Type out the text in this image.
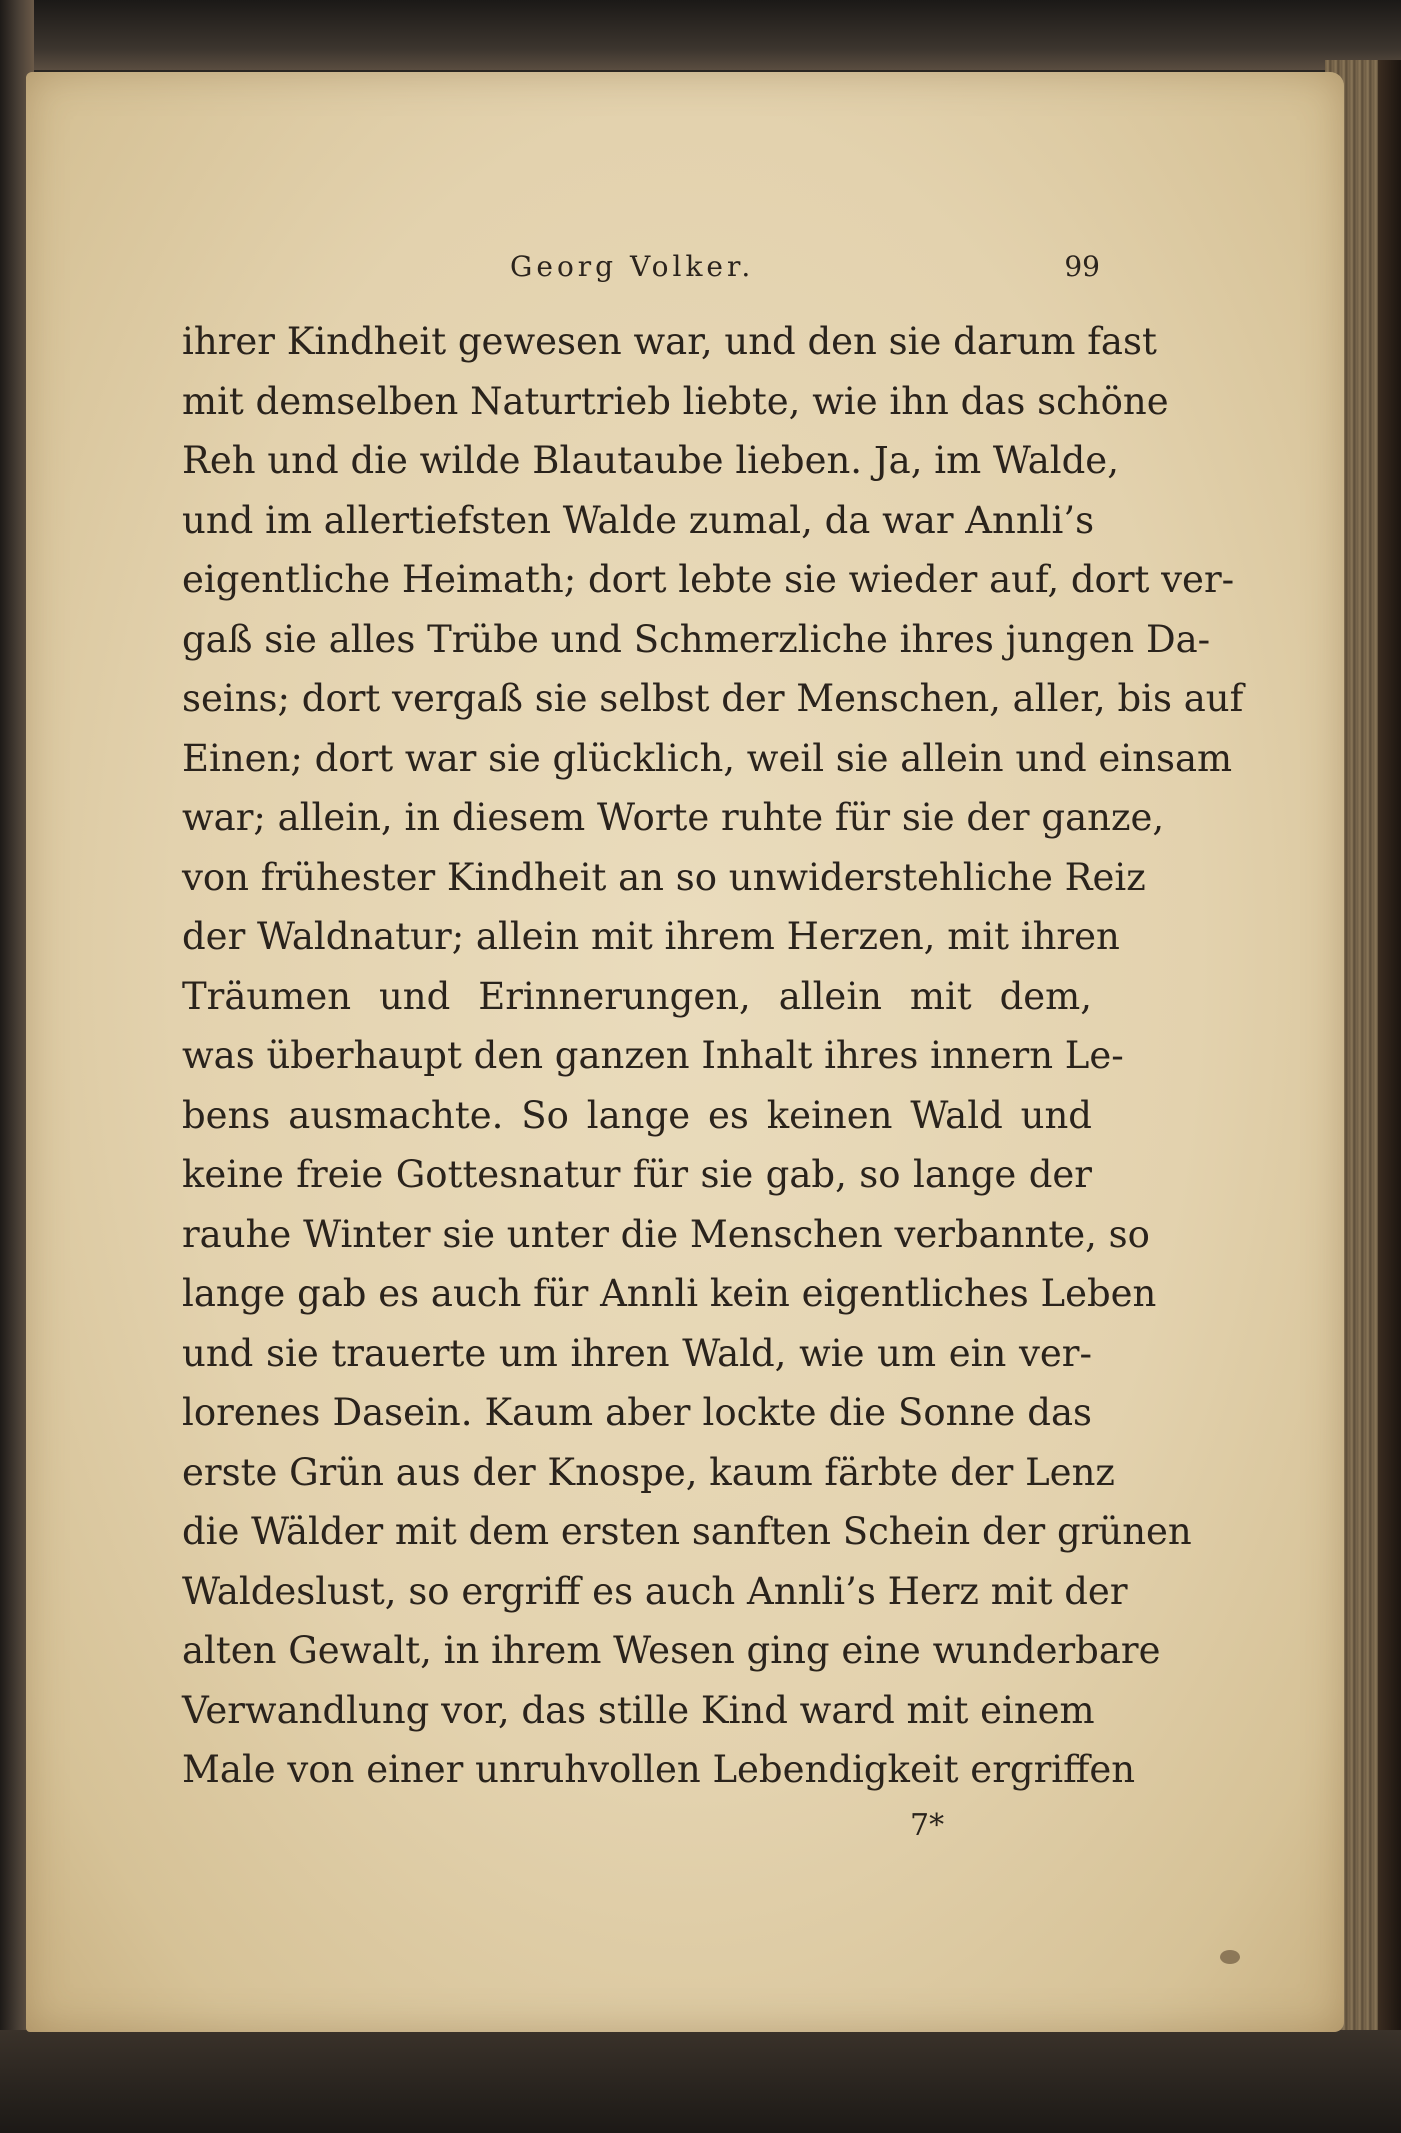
Georg Volker.	99
ihrer Kindheit gewesen war, und den sie darum fast
mit demselben Naturtrieb liebte, wie ihn das schöne
Reh und die wilde Blautaube lieben. Ja, im Walde,
und im allertiefsten Walde zumal, da war Annli’s
eigentliche Heimath; dort lebte sie wieder auf, dort ver-
gaß sie alles Trübe und Schmerzliche ihres jungen Da-
seins; dort vergaß sie selbst der Menschen, aller, bis auf
Einen; dort war sie glücklich, weil sie allein und einsam
war; allein, in diesem Worte ruhte für sie der ganze,
von frühester Kindheit an so unwiderstehliche Reiz
der Waldnatur; allein mit ihrem Herzen, mit ihren
Träumen und Erinnerungen, allein mit dem,
was überhaupt den ganzen Inhalt ihres innern Le-
bens ausmachte. So lange es keinen Wald und
keine freie Gottesnatur für sie gab, so lange der
rauhe Winter sie unter die Menschen verbannte, so
lange gab es auch für Annli kein eigentliches Leben
und sie trauerte um ihren Wald, wie um ein ver-
lorenes Dasein. Kaum aber lockte die Sonne das
erste Grün aus der Knospe, kaum färbte der Lenz
die Wälder mit dem ersten sanften Schein der grünen
Waldeslust, so ergriff es auch Annli’s Herz mit der
alten Gewalt, in ihrem Wesen ging eine wunderbare
Verwandlung vor, das stille Kind ward mit einem
Male von einer unruhvollen Lebendigkeit ergriffen
7*
